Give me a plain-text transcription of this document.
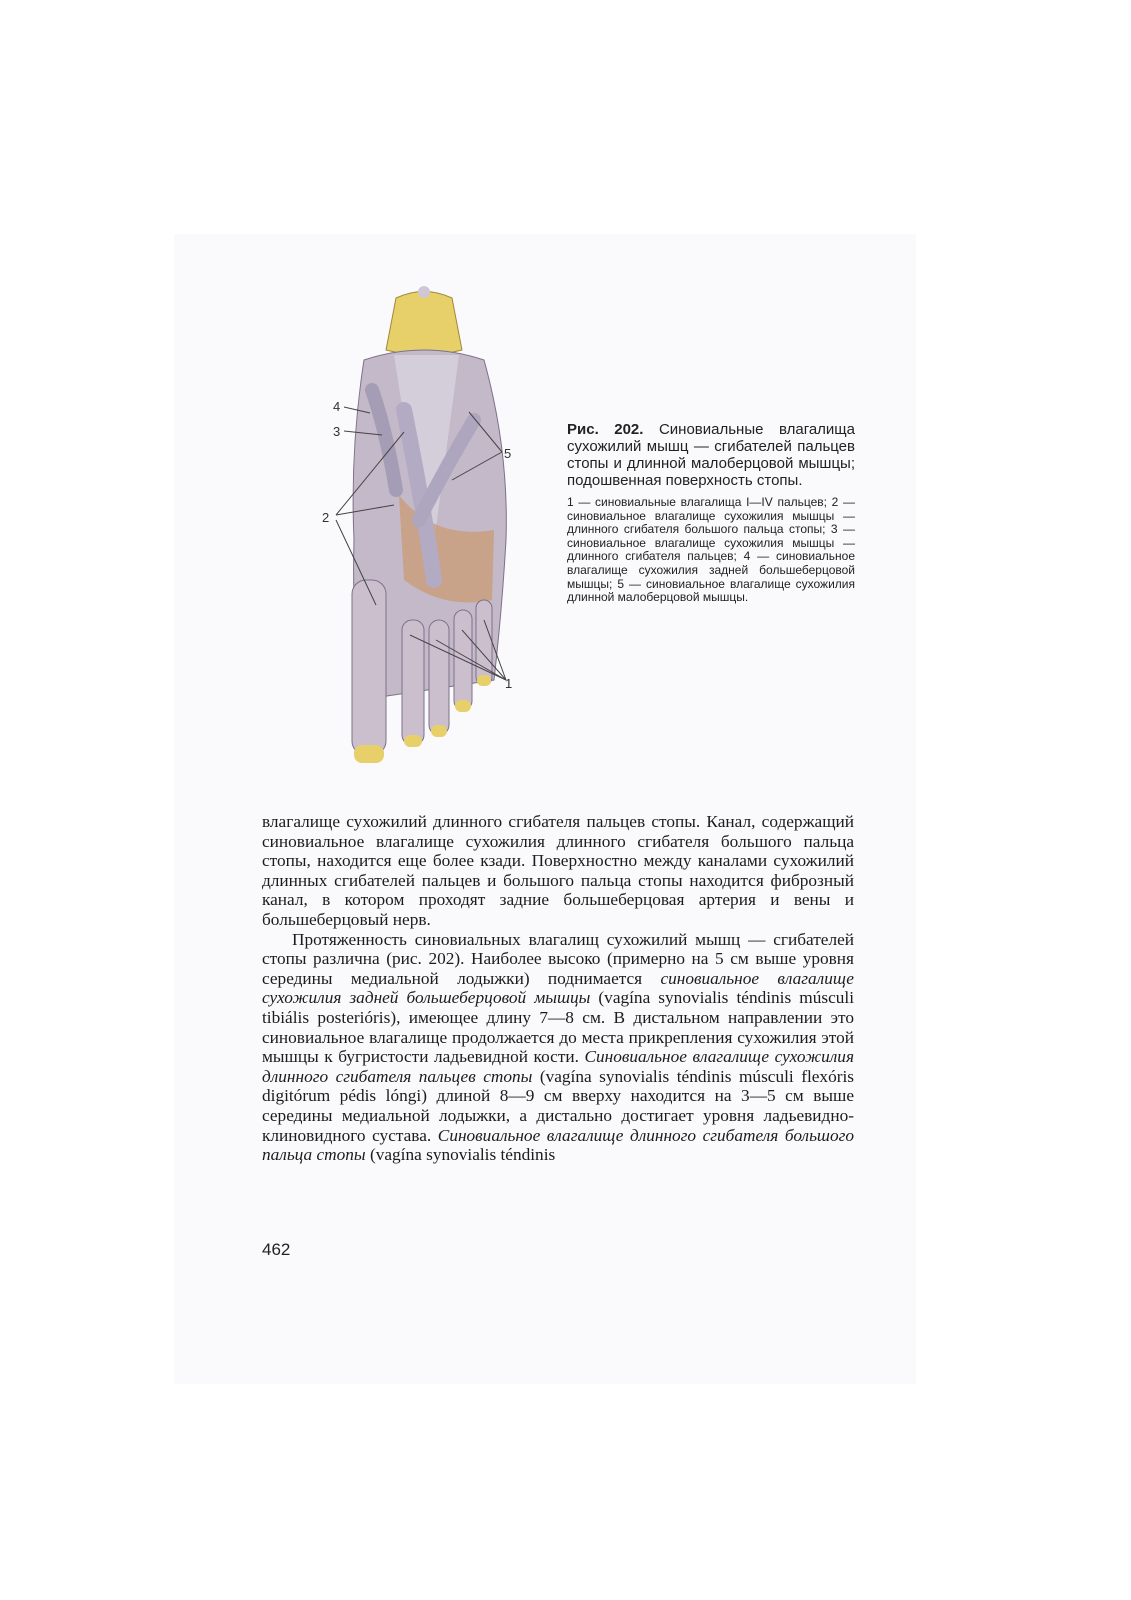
4
3
2
5
1

Рис. 202. Синовиальные влагалища сухожилий мышц — сгибателей пальцев стопы и длинной малоберцовой мышцы; подошвенная поверхность стопы.

1 — синовиальные влагалища I—IV пальцев; 2 — синовиальное влагалище сухожилия мышцы — длинного сгибателя большого пальца стопы; 3 — синовиальное влагалище сухожилия мышцы — длинного сгибателя пальцев; 4 — синовиальное влагалище сухожилия задней большеберцовой мышцы; 5 — синовиальное влагалище сухожилия длинной малоберцовой мышцы.

влагалище сухожилий длинного сгибателя пальцев стопы. Канал, содержащий синовиальное влагалище сухожилия длинного сгибателя большого пальца стопы, находится еще более кзади. Поверхностно между каналами сухожилий длинных сгибателей пальцев и большого пальца стопы находится фиброзный канал, в котором проходят задние большеберцовая артерия и вены и большеберцовый нерв.

Протяженность синовиальных влагалищ сухожилий мышц — сгибателей стопы различна (рис. 202). Наиболее высоко (примерно на 5 см выше уровня середины медиальной лодыжки) поднимается синовиальное влагалище сухожилия задней большеберцовой мышцы (vagína synovialis téndinis músculi tibiális posterióris), имеющее длину 7—8 см. В дистальном направлении это синовиальное влагалище продолжается до места прикрепления сухожилия этой мышцы к бугристости ладьевидной кости. Синовиальное влагалище сухожилия длинного сгибателя пальцев стопы (vagína synovialis téndinis músculi flexóris digitórum pédis lóngi) длиной 8—9 см вверху находится на 3—5 см выше середины медиальной лодыжки, а дистально достигает уровня ладьевидно-клиновидного сустава. Синовиальное влагалище длинного сгибателя большого пальца стопы (vagína synovialis téndinis

462
